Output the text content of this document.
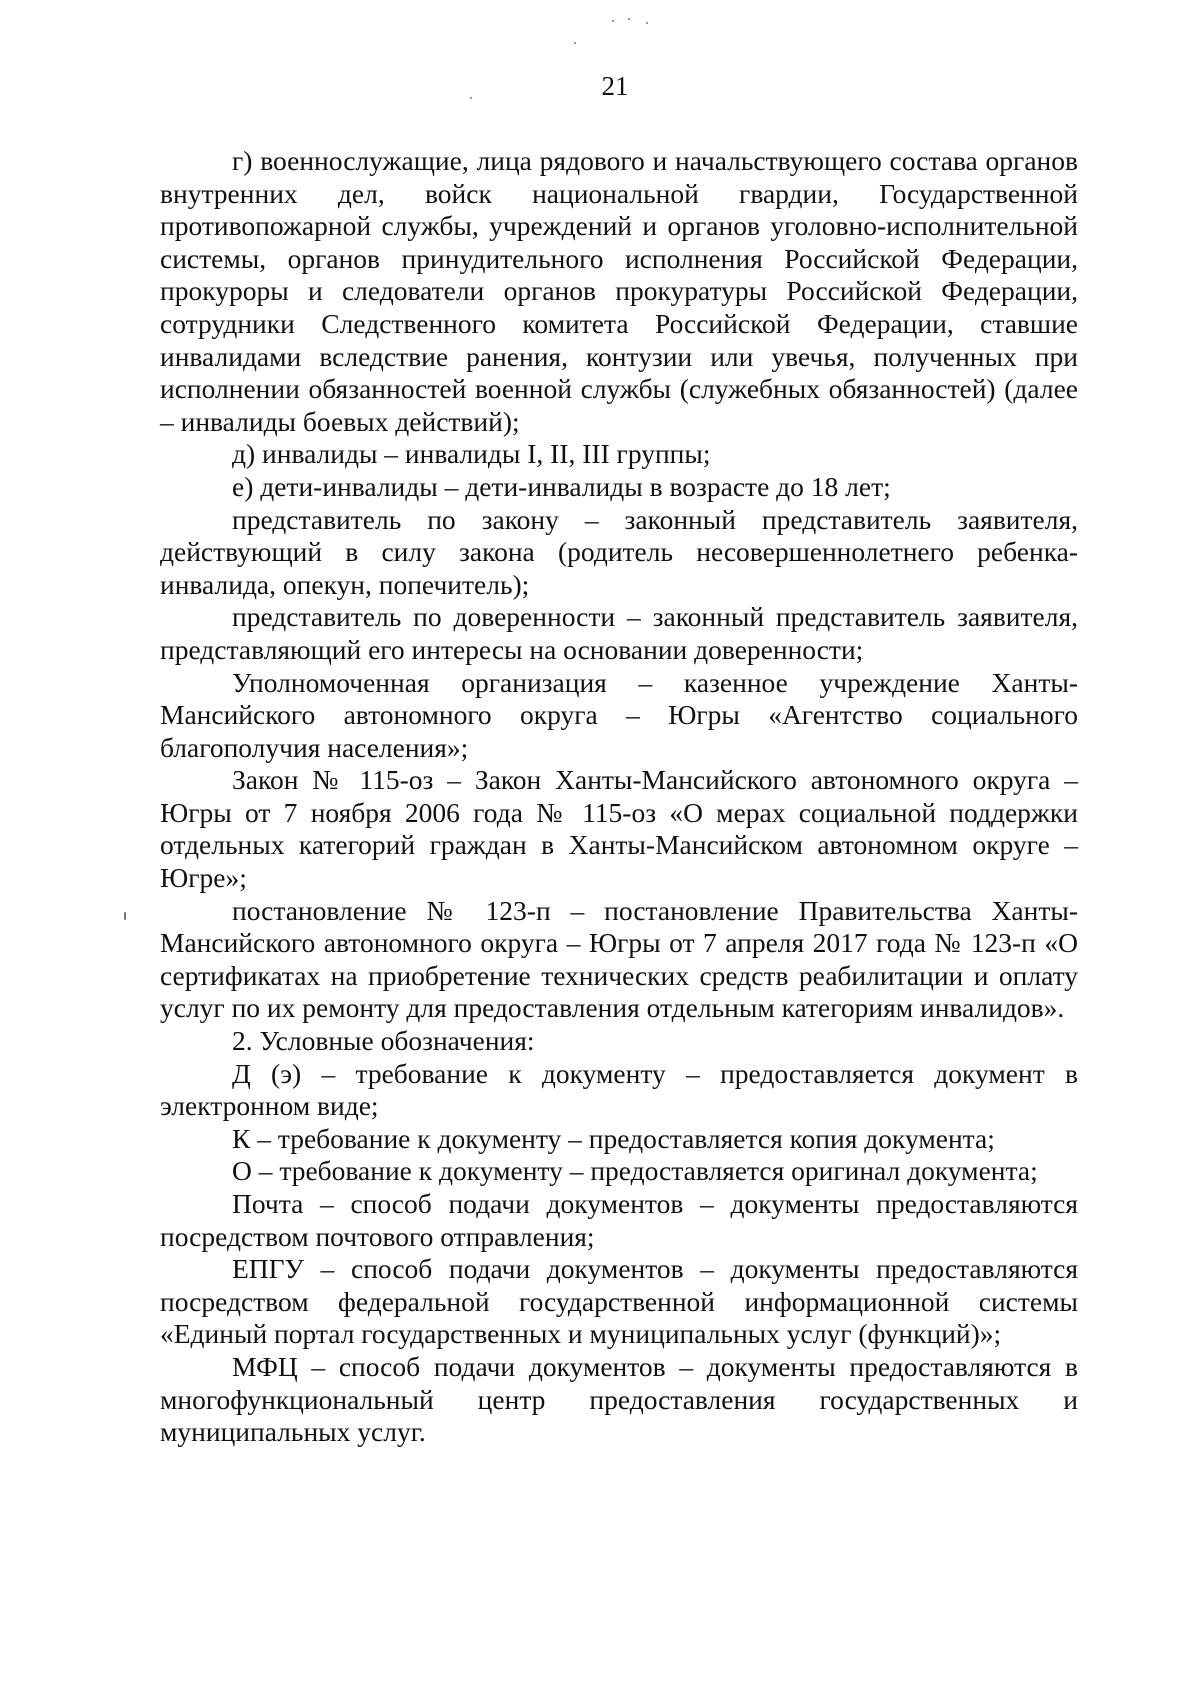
21

г) военнослужащие, лица рядового и начальствующего состава органов внутренних дел, войск национальной гвардии, Государственной противопожарной службы, учреждений и органов уголовно-исполнительной системы, органов принудительного исполнения Российской Федерации, прокуроры и следователи органов прокуратуры Российской Федерации, сотрудники Следственного комитета Российской Федерации, ставшие инвалидами вследствие ранения, контузии или увечья, полученных при исполнении обязанностей военной службы (служебных обязанностей) (далее – инвалиды боевых действий);

д) инвалиды – инвалиды I, II, III группы;

е) дети-инвалиды – дети-инвалиды в возрасте до 18 лет;

представитель по закону – законный представитель заявителя, действующий в силу закона (родитель несовершеннолетнего ребенка-инвалида, опекун, попечитель);

представитель по доверенности – законный представитель заявителя, представляющий его интересы на основании доверенности;

Уполномоченная организация – казенное учреждение Ханты-Мансийского автономного округа – Югры «Агентство социального благополучия населения»;

Закон № 115-оз – Закон Ханты-Мансийского автономного округа – Югры от 7 ноября 2006 года № 115-оз «О мерах социальной поддержки отдельных категорий граждан в Ханты-Мансийском автономном округе – Югре»;

постановление № 123-п – постановление Правительства Ханты-Мансийского автономного округа – Югры от 7 апреля 2017 года № 123-п «О сертификатах на приобретение технических средств реабилитации и оплату услуг по их ремонту для предоставления отдельным категориям инвалидов».

2. Условные обозначения:

Д (э) – требование к документу – предоставляется документ в электронном виде;

К – требование к документу – предоставляется копия документа;

О – требование к документу – предоставляется оригинал документа;

Почта – способ подачи документов – документы предоставляются посредством почтового отправления;

ЕПГУ – способ подачи документов – документы предоставляются посредством федеральной государственной информационной системы «Единый портал государственных и муниципальных услуг (функций)»;

МФЦ – способ подачи документов – документы предоставляются в многофункциональный центр предоставления государственных и муниципальных услуг.
